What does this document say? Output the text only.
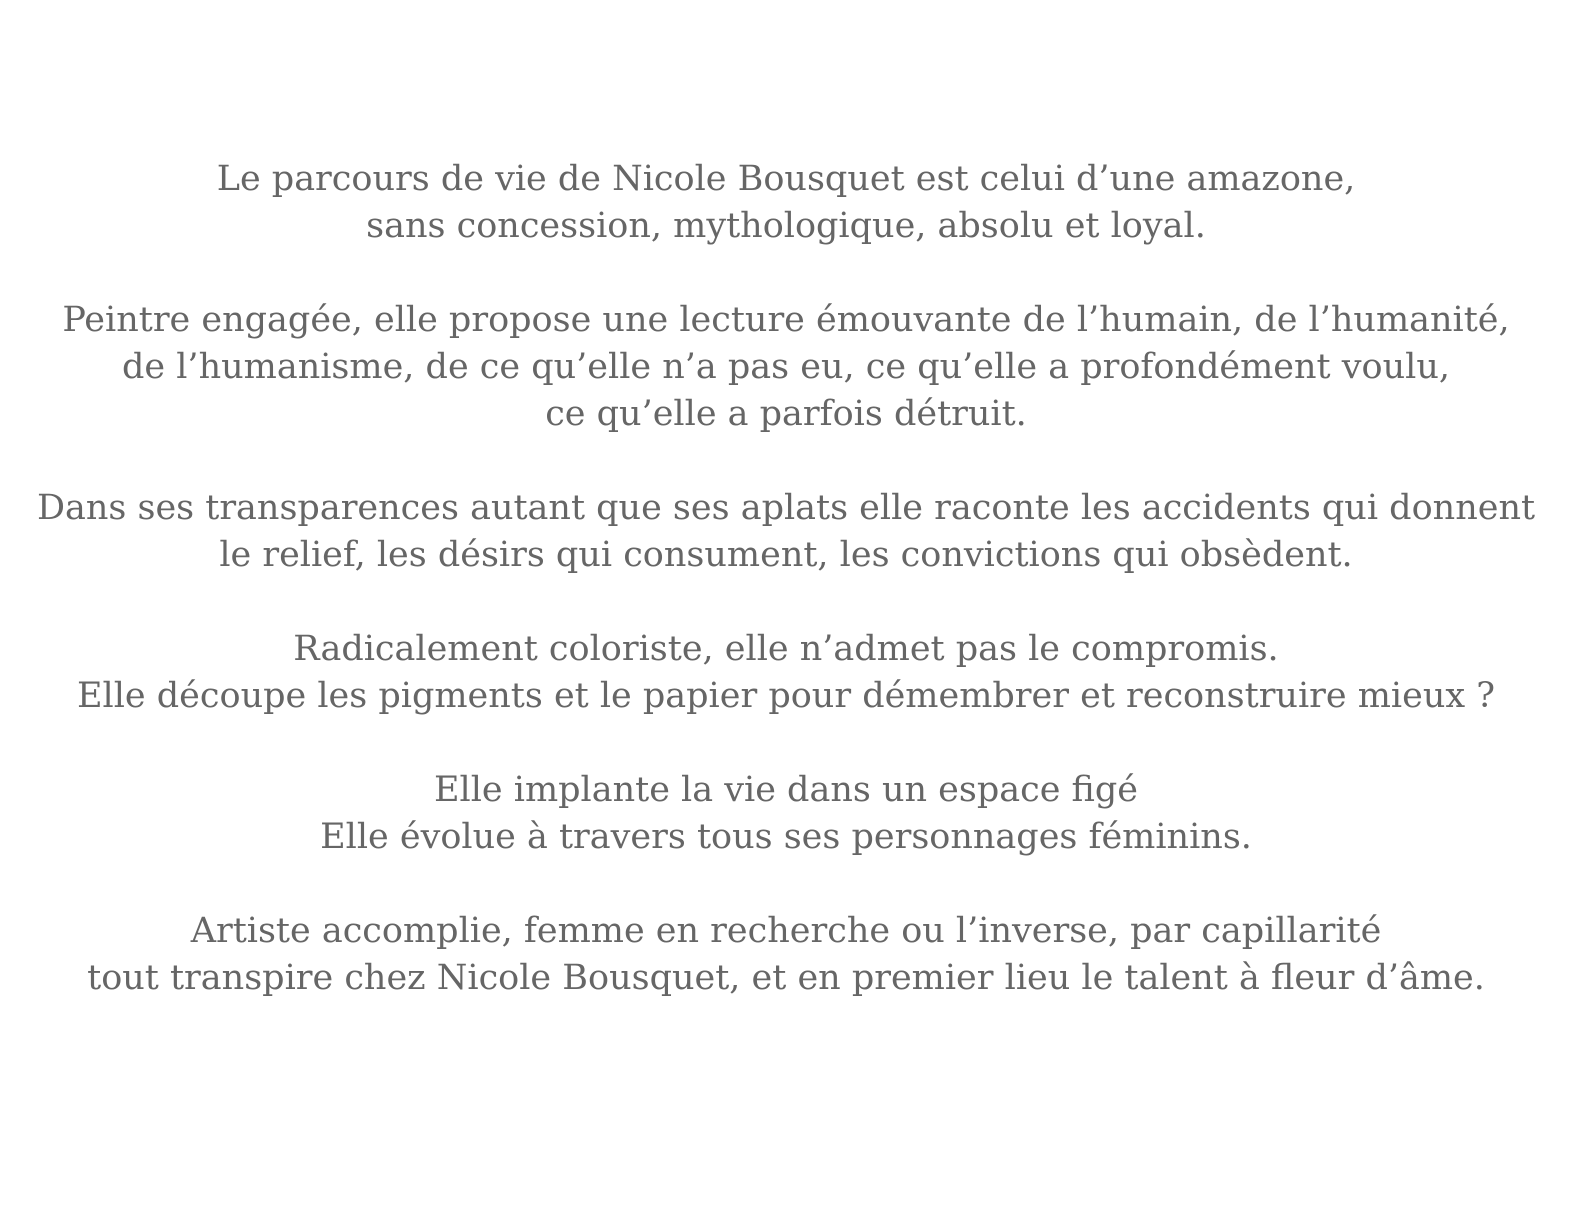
Le parcours de vie de Nicole Bousquet est celui d’une amazone,
sans concession, mythologique, absolu et loyal.

Peintre engagée, elle propose une lecture émouvante de l’humain, de l’humanité,
de l’humanisme, de ce qu’elle n’a pas eu, ce qu’elle a profondément voulu,
ce qu’elle a parfois détruit.

Dans ses transparences autant que ses aplats elle raconte les accidents qui donnent
le relief, les désirs qui consument, les convictions qui obsèdent.

Radicalement coloriste, elle n’admet pas le compromis.
Elle découpe les pigments et le papier pour démembrer et reconstruire mieux ?

Elle implante la vie dans un espace figé
Elle évolue à travers tous ses personnages féminins.

Artiste accomplie, femme en recherche ou l’inverse, par capillarité
tout transpire chez Nicole Bousquet, et en premier lieu le talent à fleur d’âme.
